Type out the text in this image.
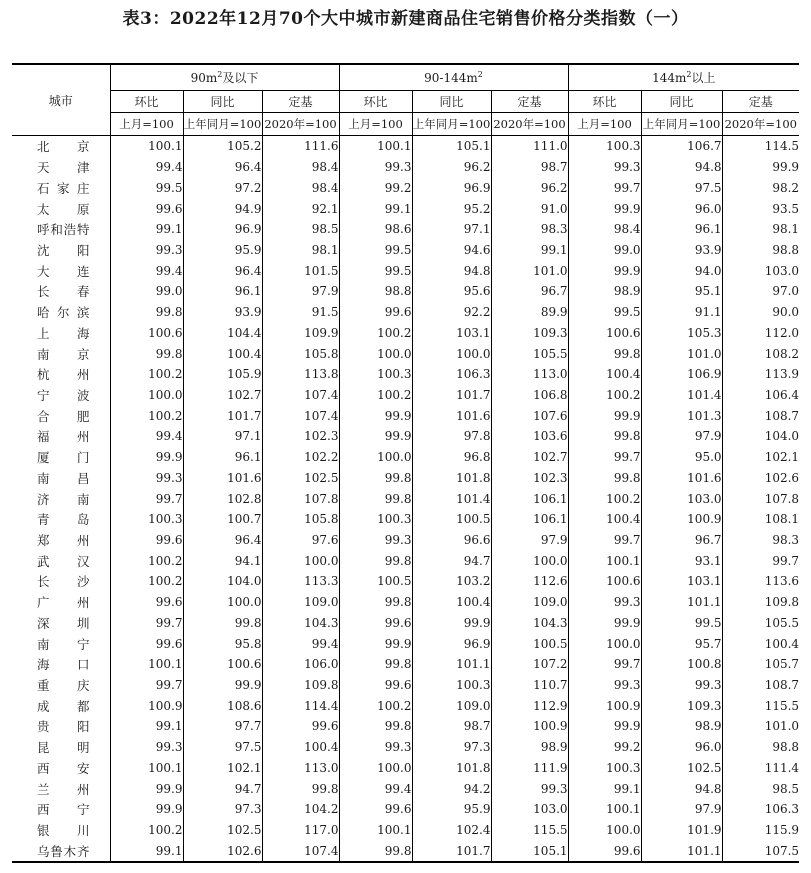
表3：2022年12月70个大中城市新建商品住宅销售价格分类指数（一）
城市	$90m^2$及以下			$90-144m^2$			$144m^2$以上		
	环比	同比	定基	环比	同比	定基	环比	同比	定基
	上月=100	上年同月=100	2020年=100	上月=100	上年同月=100	2020年=100	上月=100	上年同月=100	2020年=100

北京	100.1	105.2	111.6	100.1	105.1	111.0	100.3	106.7	114.5

天津	99.4	96.4	98.4	99.3	96.2	98.7	99.3	94.8	99.9

石家庄	99.5	97.2	98.4	99.2	96.9	96.2	99.7	97.5	98.2

太原	99.6	94.9	92.1	99.1	95.2	91.0	99.9	96.0	93.5

呼和浩特	99.1	96.9	98.5	98.6	97.1	98.3	98.4	96.1	98.1

沈阳	99.3	95.9	98.1	99.5	94.6	99.1	99.0	93.9	98.8

大连	99.4	96.4	101.5	99.5	94.8	101.0	99.9	94.0	103.0

长春	99.0	96.1	97.9	98.8	95.6	96.7	98.9	95.1	97.0

哈尔滨	99.8	93.9	91.5	99.6	92.2	89.9	99.5	91.1	90.0

上海	100.6	104.4	109.9	100.2	103.1	109.3	100.6	105.3	112.0

南京	99.8	100.4	105.8	100.0	100.0	105.5	99.8	101.0	108.2

杭州	100.2	105.9	113.8	100.3	106.3	113.0	100.4	106.9	113.9

宁波	100.0	102.7	107.4	100.2	101.7	106.8	100.2	101.4	106.4

合肥	100.2	101.7	107.4	99.9	101.6	107.6	99.9	101.3	108.7

福州	99.4	97.1	102.3	99.9	97.8	103.6	99.8	97.9	104.0

厦门	99.9	96.1	102.2	100.0	96.8	102.7	99.7	95.0	102.1

南昌	99.3	101.6	102.5	99.8	101.8	102.3	99.8	101.6	102.6

济南	99.7	102.8	107.8	99.8	101.4	106.1	100.2	103.0	107.8

青岛	100.3	100.7	105.8	100.3	100.5	106.1	100.4	100.9	108.1

郑州	99.6	96.4	97.6	99.3	96.6	97.9	99.7	96.7	98.3

武汉	100.2	94.1	100.0	99.8	94.7	100.0	100.1	93.1	99.7

长沙	100.2	104.0	113.3	100.5	103.2	112.6	100.6	103.1	113.6

广州	99.6	100.0	109.0	99.8	100.4	109.0	99.3	101.1	109.8

深圳	99.7	99.8	104.3	99.6	99.9	104.3	99.9	99.5	105.5

南宁	99.6	95.8	99.4	99.9	96.9	100.5	100.0	95.7	100.4

海口	100.1	100.6	106.0	99.8	101.1	107.2	99.7	100.8	105.7

重庆	99.7	99.9	109.8	99.6	100.3	110.7	99.3	99.3	108.7

成都	100.9	108.6	114.4	100.2	109.0	112.9	100.9	109.3	115.5

贵阳	99.1	97.7	99.6	99.8	98.7	100.9	99.9	98.9	101.0

昆明	99.3	97.5	100.4	99.3	97.3	98.9	99.2	96.0	98.8

西安	100.1	102.1	113.0	100.0	101.8	111.9	100.3	102.5	111.4

兰州	99.9	94.7	99.8	99.4	94.2	99.3	99.1	94.8	98.5

西宁	99.9	97.3	104.2	99.6	95.9	103.0	100.1	97.9	106.3

银川	100.2	102.5	117.0	100.1	102.4	115.5	100.0	101.9	115.9

乌鲁木齐	99.1	102.6	107.4	99.8	101.7	105.1	99.6	101.1	107.5
